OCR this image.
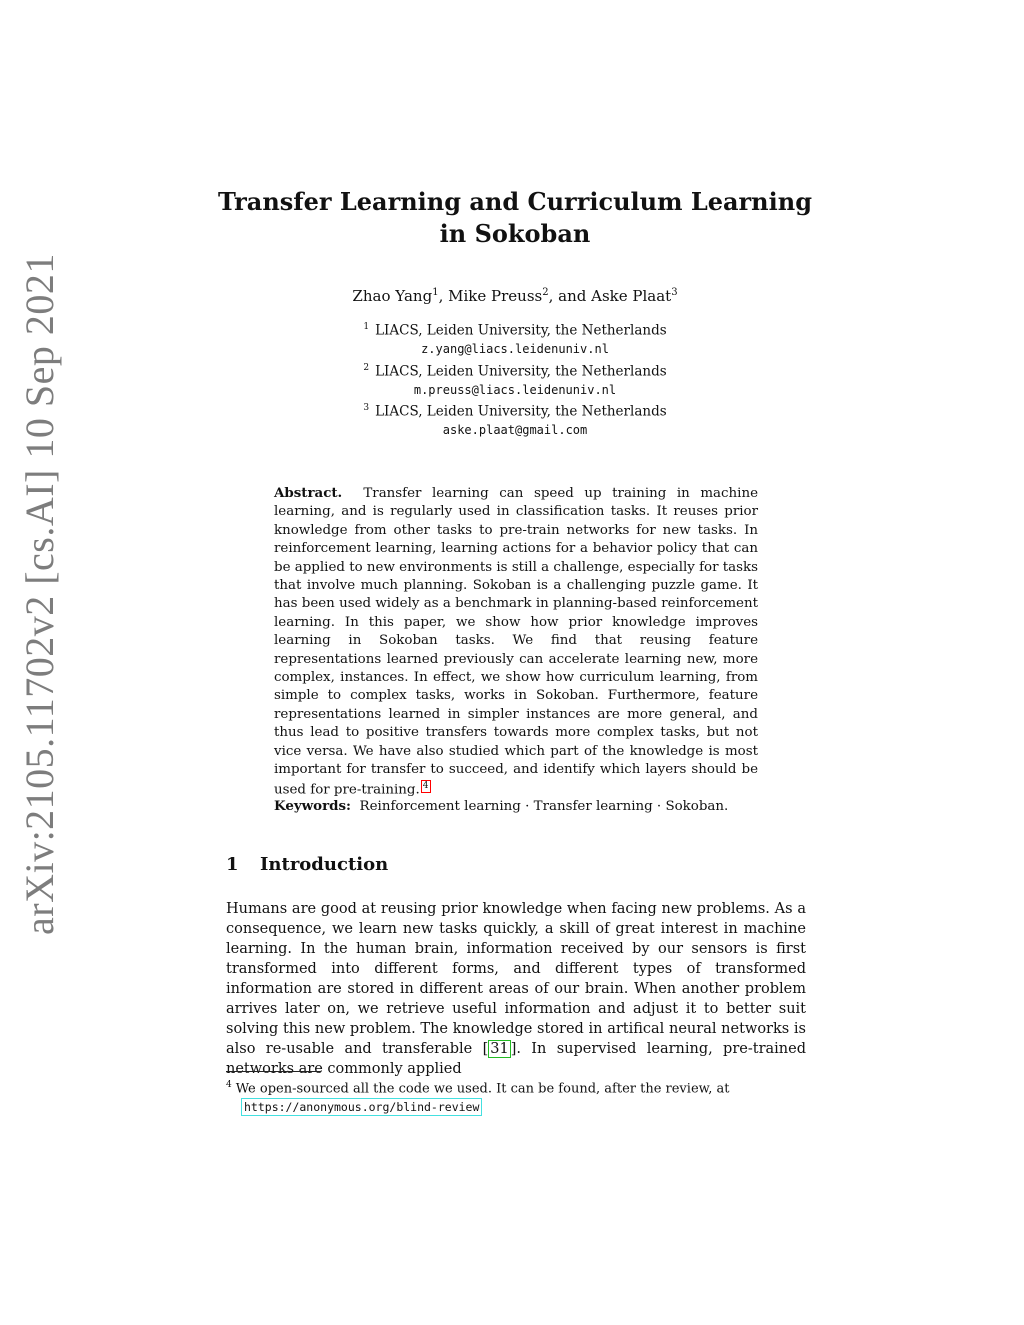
arXiv:2105.11702v2 [cs.AI] 10 Sep 2021
Transfer Learning and Curriculum Learning
in Sokoban
Zhao Yang$^1$, Mike Preuss$^2$, and Aske Plaat$^3$
$^1$ LIACS, Leiden University, the Netherlands
z.yang@liacs.leidenuniv.nl
$^2$ LIACS, Leiden University, the Netherlands
m.preuss@liacs.leidenuniv.nl
$^3$ LIACS, Leiden University, the Netherlands
aske.plaat@gmail.com
Abstract. Transfer learning can speed up training in machine learning, and is regularly used in classification tasks. It reuses prior knowledge from other tasks to pre-train networks for new tasks. In reinforcement learning, learning actions for a behavior policy that can be applied to new environments is still a challenge, especially for tasks that involve much planning. Sokoban is a challenging puzzle game. It has been used widely as a benchmark in planning-based reinforcement learning. In this paper, we show how prior knowledge improves learning in Sokoban tasks. We find that reusing feature representations learned previously can accelerate learning new, more complex, instances. In effect, we show how curriculum learning, from simple to complex tasks, works in Sokoban. Furthermore, feature representations learned in simpler instances are more general, and thus lead to positive transfers towards more complex tasks, but not vice versa. We have also studied which part of the knowledge is most important for transfer to succeed, and identify which layers should be used for pre-training. 4
Keywords: Reinforcement learning · Transfer learning · Sokoban.
1 Introduction
Humans are good at reusing prior knowledge when facing new problems. As a consequence, we learn new tasks quickly, a skill of great interest in machine learning. In the human brain, information received by our sensors is first transformed into different forms, and different types of transformed information are stored in different areas of our brain. When another problem arrives later on, we retrieve useful information and adjust it to better suit solving this new problem. The knowledge stored in artifical neural networks is also re-usable and transferable [ 31 ]. In supervised learning, pre-trained networks are commonly applied
$^4$ We open-sourced all the code we used. It can be found, after the review, at
https://anonymous.org/blind-review
